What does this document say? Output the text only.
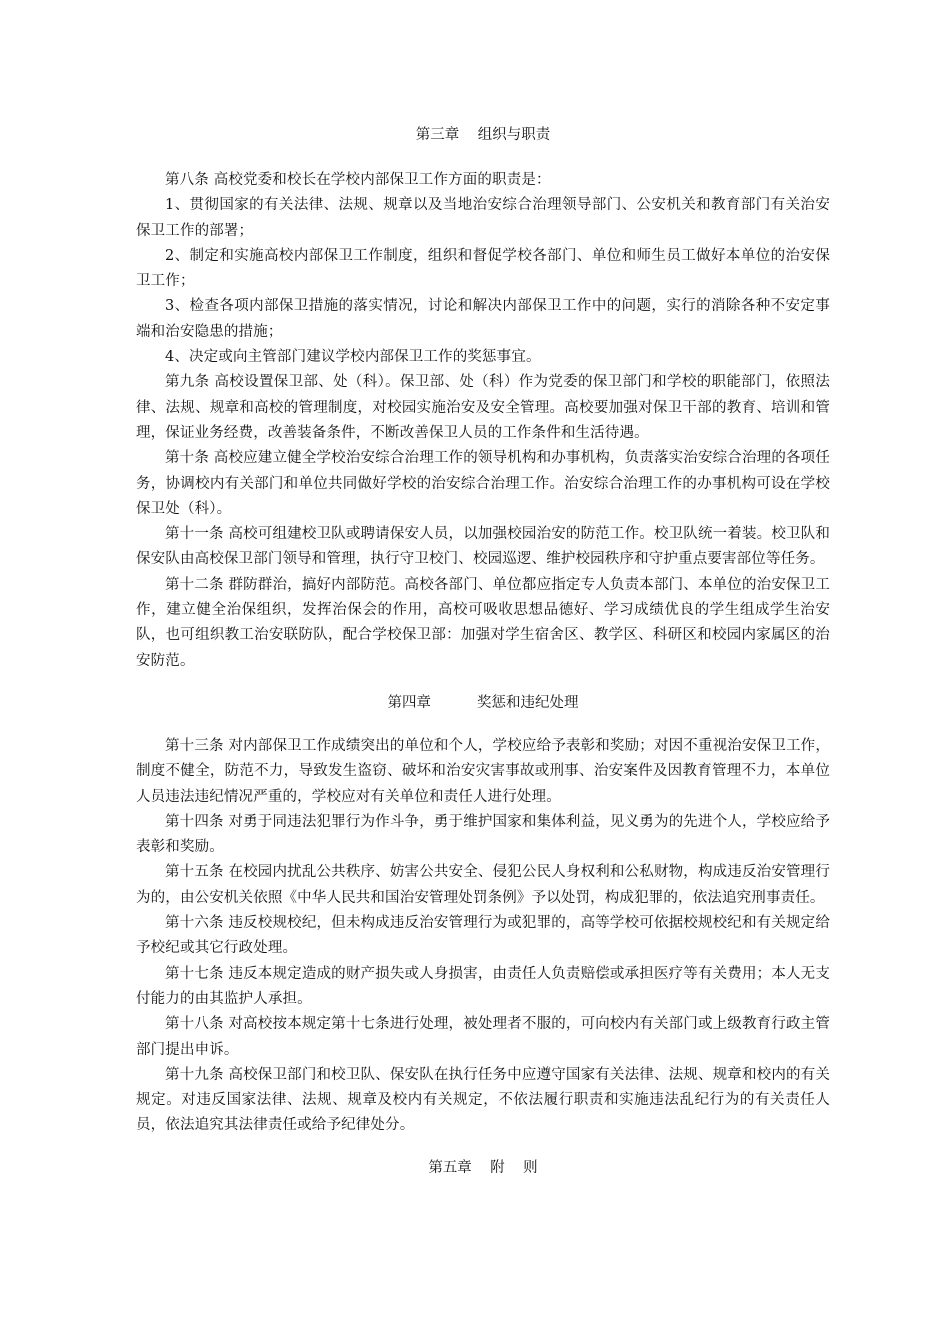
第三章    组织与职责

第八条 高校党委和校长在学校内部保卫工作方面的职责是：

1、贯彻国家的有关法律、法规、规章以及当地治安综合治理领导部门、公安机关和教育部门有关治安保卫工作的部署；

2、制定和实施高校内部保卫工作制度，组织和督促学校各部门、单位和师生员工做好本单位的治安保卫工作；

3、检查各项内部保卫措施的落实情况，讨论和解决内部保卫工作中的问题，实行的消除各种不安定事端和治安隐患的措施；

4、决定或向主管部门建议学校内部保卫工作的奖惩事宜。

第九条 高校设置保卫部、处（科）。保卫部、处（科）作为党委的保卫部门和学校的职能部门，依照法律、法规、规章和高校的管理制度，对校园实施治安及安全管理。高校要加强对保卫干部的教育、培训和管理，保证业务经费，改善装备条件，不断改善保卫人员的工作条件和生活待遇。

第十条 高校应建立健全学校治安综合治理工作的领导机构和办事机构，负责落实治安综合治理的各项任务，协调校内有关部门和单位共同做好学校的治安综合治理工作。治安综合治理工作的办事机构可设在学校保卫处（科）。

第十一条 高校可组建校卫队或聘请保安人员，以加强校园治安的防范工作。校卫队统一着装。校卫队和保安队由高校保卫部门领导和管理，执行守卫校门、校园巡逻、维护校园秩序和守护重点要害部位等任务。

第十二条 群防群治，搞好内部防范。高校各部门、单位都应指定专人负责本部门、本单位的治安保卫工作，建立健全治保组织，发挥治保会的作用，高校可吸收思想品德好、学习成绩优良的学生组成学生治安队，也可组织教工治安联防队，配合学校保卫部：加强对学生宿舍区、教学区、科研区和校园内家属区的治安防范。

第四章          奖惩和违纪处理

第十三条 对内部保卫工作成绩突出的单位和个人，学校应给予表彰和奖励；对因不重视治安保卫工作，制度不健全，防范不力，导致发生盗窃、破坏和治安灾害事故或刑事、治安案件及因教育管理不力，本单位人员违法违纪情况严重的，学校应对有关单位和责任人进行处理。

第十四条 对勇于同违法犯罪行为作斗争，勇于维护国家和集体利益，见义勇为的先进个人，学校应给予表彰和奖励。

第十五条 在校园内扰乱公共秩序、妨害公共安全、侵犯公民人身权利和公私财物，构成违反治安管理行为的，由公安机关依照《中华人民共和国治安管理处罚条例》予以处罚，构成犯罪的，依法追究刑事责任。

第十六条 违反校规校纪，但未构成违反治安管理行为或犯罪的，高等学校可依据校规校纪和有关规定给予校纪或其它行政处理。

第十七条 违反本规定造成的财产损失或人身损害，由责任人负责赔偿或承担医疗等有关费用；本人无支付能力的由其监护人承担。

第十八条 对高校按本规定第十七条进行处理，被处理者不服的，可向校内有关部门或上级教育行政主管部门提出申诉。

第十九条 高校保卫部门和校卫队、保安队在执行任务中应遵守国家有关法律、法规、规章和校内的有关规定。对违反国家法律、法规、规章及校内有关规定，不依法履行职责和实施违法乱纪行为的有关责任人员，依法追究其法律责任或给予纪律处分。

第五章    附    则
